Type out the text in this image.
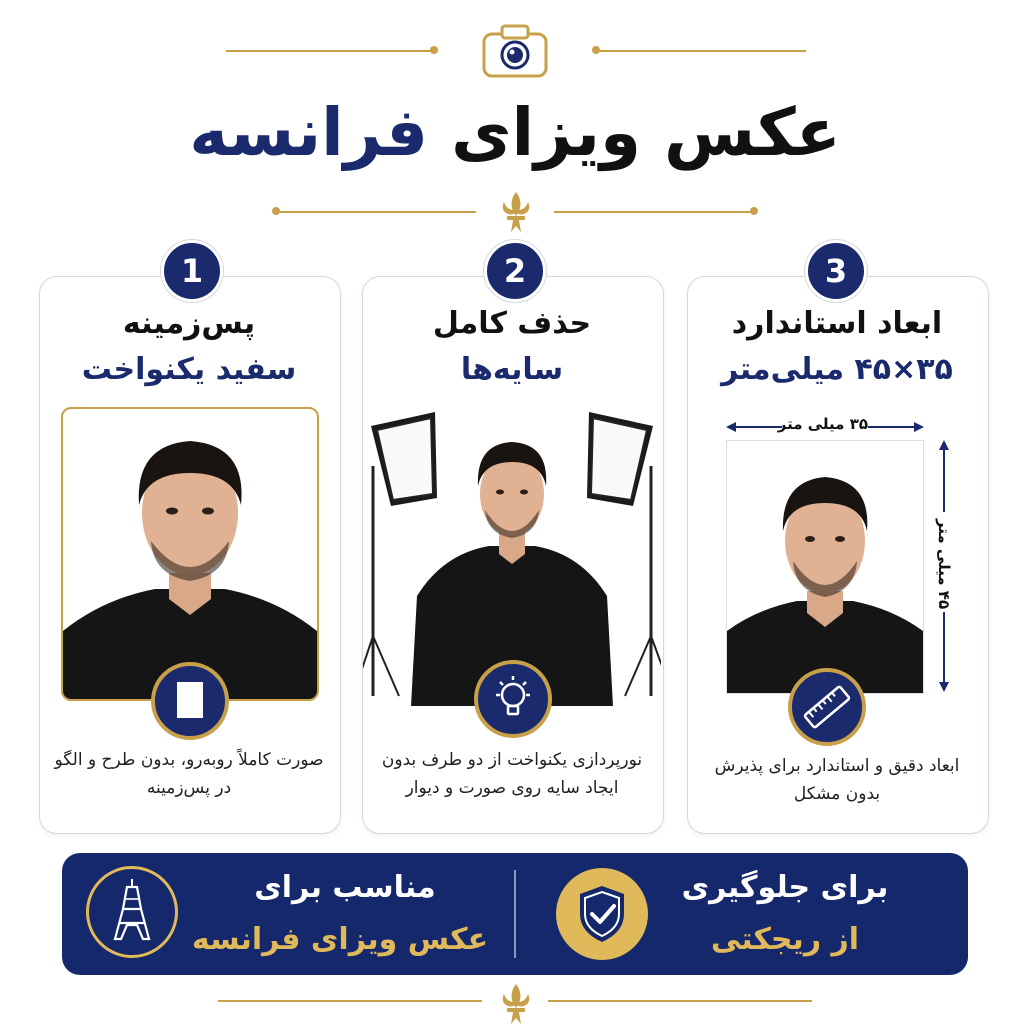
عکس ویزای فرانسه
3
ابعاد استاندارد
۳۵×۴۵ میلی‌متر
۳۵ میلی متر
۴۵ میلی متر
ابعاد دقیق و استاندارد برای پذیرش بدون مشکل
2
حذف کامل
سایه‌ها
نورپردازی یکنواخت از دو طرف بدون ایجاد سایه روی صورت و دیوار
1
پس‌زمینه
سفید یکنواخت
صورت کاملاً روبه‌رو، بدون طرح و الگو در پس‌زمینه
برای جلوگیری
از ریجکتی
مناسب برای
عکس ویزای فرانسه
